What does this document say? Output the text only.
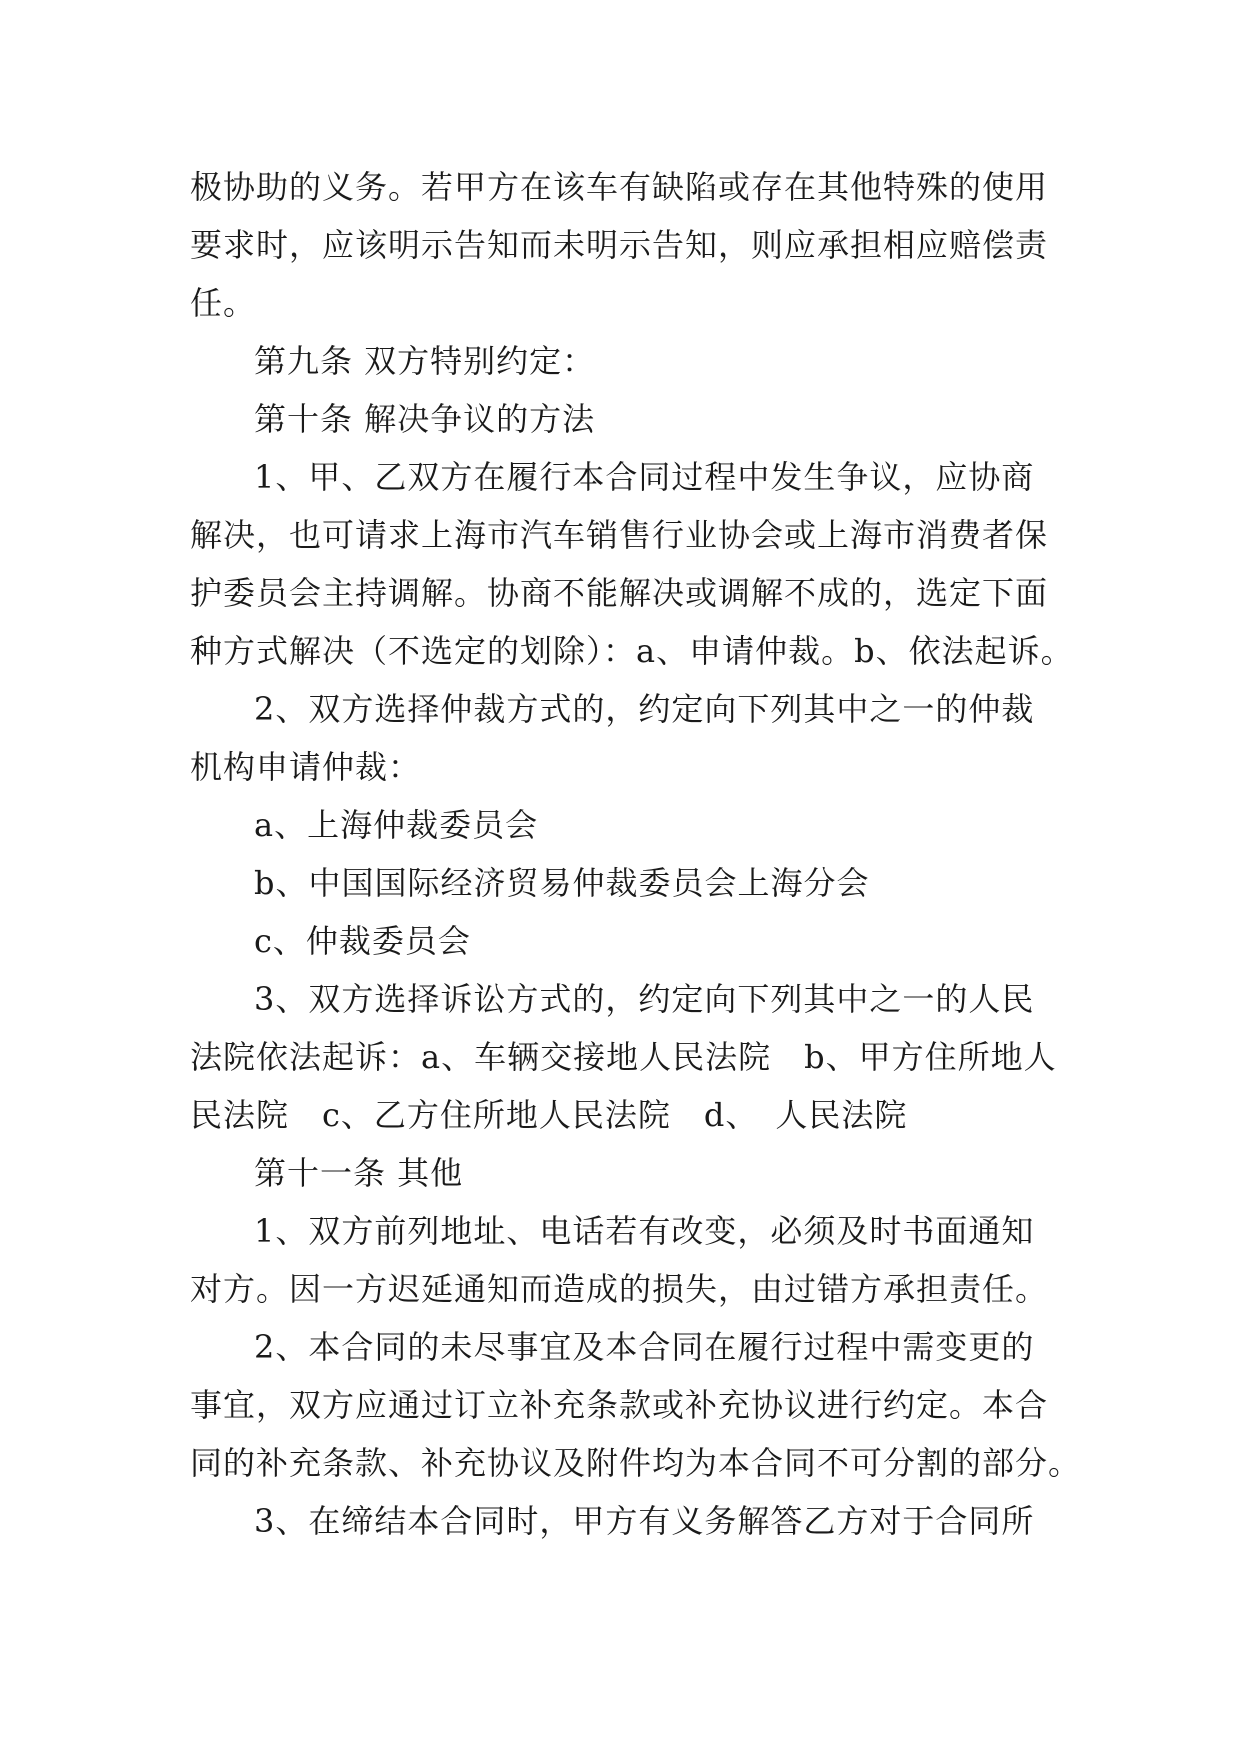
极协助的义务。若甲方在该车有缺陷或存在其他特殊的使用
要求时，应该明示告知而未明示告知，则应承担相应赔偿责
任。
第九条 双方特别约定：
第十条 解决争议的方法
1、甲、乙双方在履行本合同过程中发生争议，应协商
解决，也可请求上海市汽车销售行业协会或上海市消费者保
护委员会主持调解。协商不能解决或调解不成的，选定下面
种方式解决（不选定的划除）：a、申请仲裁。b、依法起诉。
2、双方选择仲裁方式的，约定向下列其中之一的仲裁
机构申请仲裁：
a、上海仲裁委员会
b、中国国际经济贸易仲裁委员会上海分会
c、仲裁委员会
3、双方选择诉讼方式的，约定向下列其中之一的人民
法院依法起诉：a、车辆交接地人民法院　b、甲方住所地人
民法院　c、乙方住所地人民法院　d、　人民法院
第十一条 其他
1、双方前列地址、电话若有改变，必须及时书面通知
对方。因一方迟延通知而造成的损失，由过错方承担责任。
2、本合同的未尽事宜及本合同在履行过程中需变更的
事宜，双方应通过订立补充条款或补充协议进行约定。本合
同的补充条款、补充协议及附件均为本合同不可分割的部分。
3、在缔结本合同时，甲方有义务解答乙方对于合同所
